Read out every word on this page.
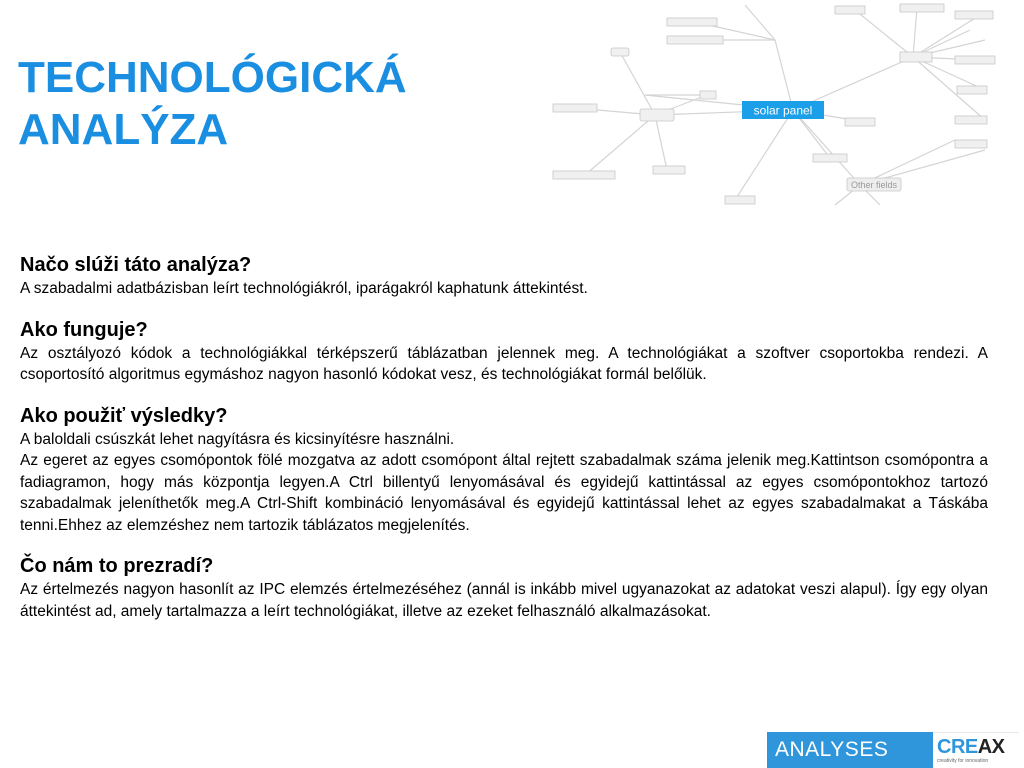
TECHNOLÓGICKÁ
ANALÝZA	solar panel
Other fields
Načo slúži táto analýza?

A szabadalmi adatbázisban leírt technológiákról, iparágakról kaphatunk áttekintést.

Ako funguje?

Az osztályozó kódok a technológiákkal térképszerű táblázatban jelennek meg. A technológiákat a szoftver csoportokba rendezi. A csoportosító algoritmus egymáshoz nagyon hasonló kódokat vesz, és technológiákat formál belőlük.

Ako použiť výsledky?

A baloldali csúszkát lehet nagyításra és kicsinyítésre használni.

Az egeret az egyes csomópontok fölé mozgatva az adott csomópont által rejtett szabadalmak száma jelenik meg.Kattintson csomópontra a fadiagramon, hogy más központja legyen.A Ctrl billentyű lenyomásával és egyidejű kattintással az egyes csomópontokhoz tartozó szabadalmak jeleníthetők meg.A Ctrl-Shift kombináció lenyomásával és egyidejű kattintással lehet az egyes szabadalmakat a Táskába tenni.Ehhez az elemzéshez nem tartozik táblázatos megjelenítés.

Čo nám to prezradí?

Az értelmezés nagyon hasonlít az IPC elemzés értelmezéséhez (annál is inkább mivel ugyanazokat az adatokat veszi alapul). Így egy olyan áttekintést ad, amely tartalmazza a leírt technológiákat, illetve az ezeket felhasználó alkalmazásokat.

ANALYSES	CREAX
creativity for innovation
